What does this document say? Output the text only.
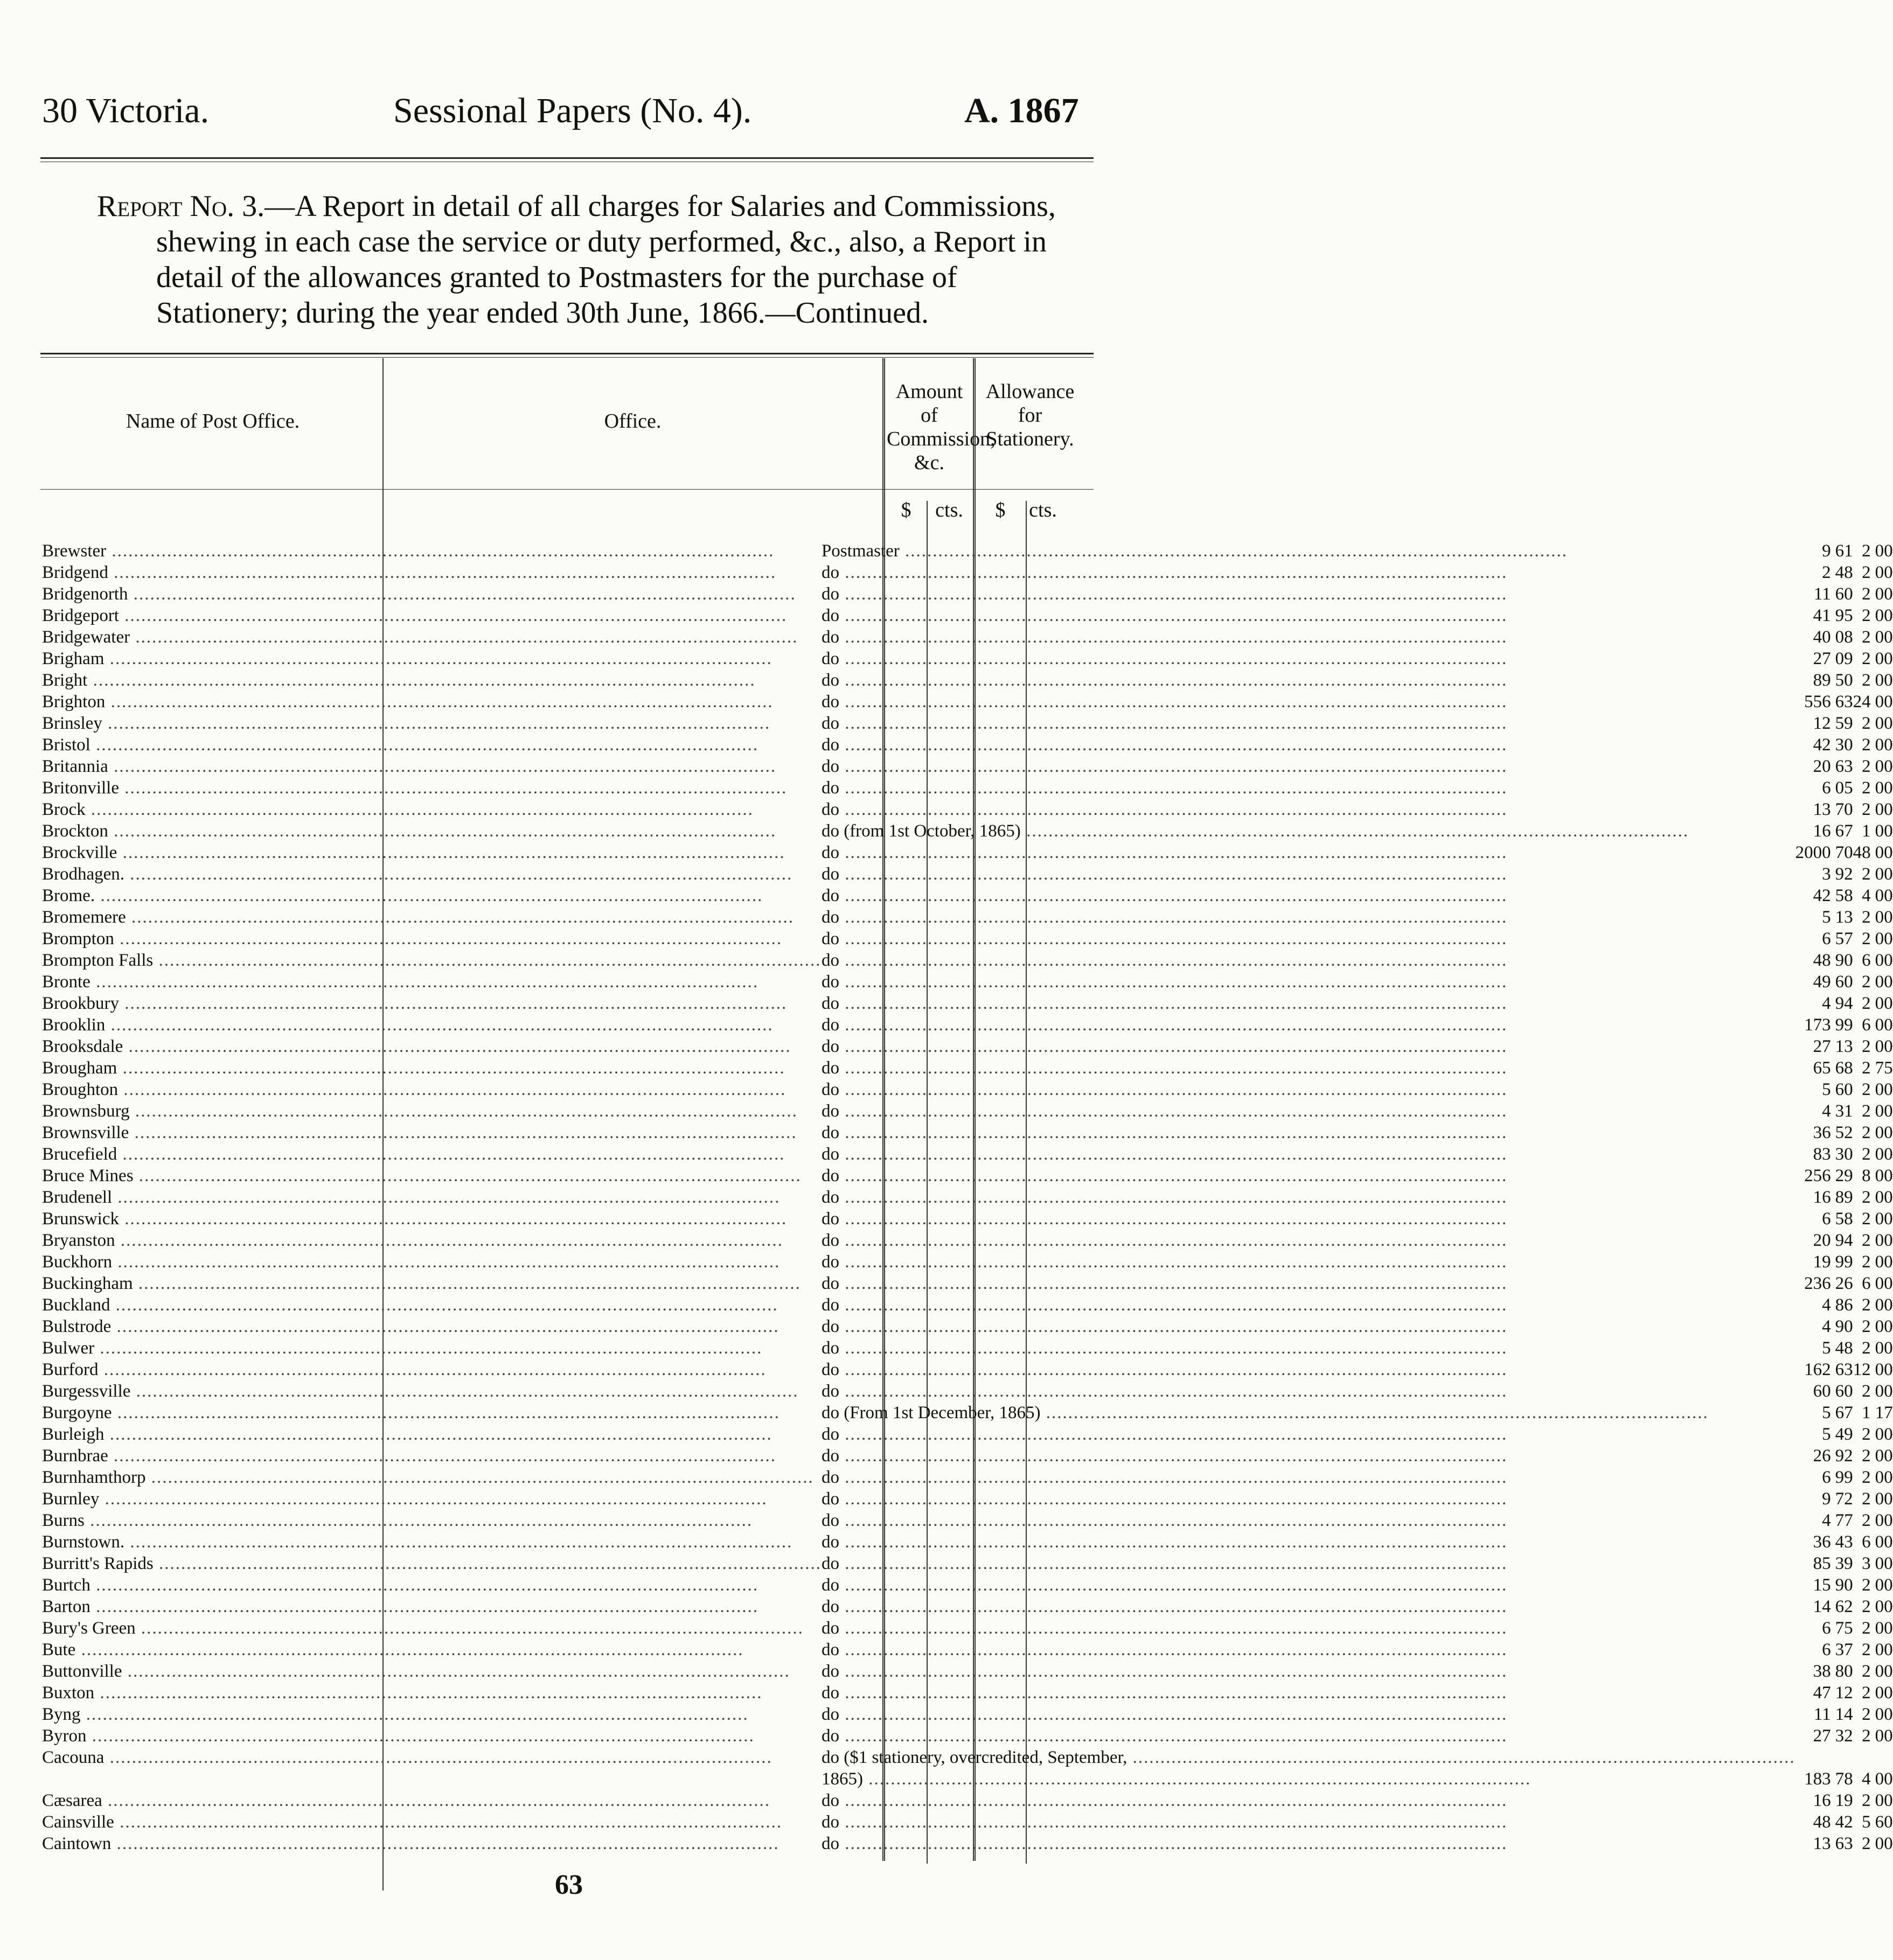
30 Victoria.	Sessional Papers (No. 4).	A. 1867
Report No. 3.—A Report in detail of all charges for Salaries and Commissions, shewing in each case the service or duty performed, &c., also, a Report in detail of the allowances granted to Postmasters for the purchase of Stationery; during the year ended 30th June, 1866.—Continued.
Name of Post Office.	Office.
Amount of Commission, &c.
Allowance for Stationery.
$	cts.	$	cts.
Brewster ........................................................................................................................	Postmaster ........................................................................................................................	9	61	2	00
Bridgend ........................................................................................................................	do ........................................................................................................................	2	48	2	00
Bridgenorth ........................................................................................................................	do ........................................................................................................................	11	60	2	00
Bridgeport ........................................................................................................................	do ........................................................................................................................	41	95	2	00
Bridgewater ........................................................................................................................	do ........................................................................................................................	40	08	2	00
Brigham ........................................................................................................................	do ........................................................................................................................	27	09	2	00
Bright ........................................................................................................................	do ........................................................................................................................	89	50	2	00
Brighton ........................................................................................................................	do ........................................................................................................................	556	63	24	00
Brinsley ........................................................................................................................	do ........................................................................................................................	12	59	2	00
Bristol ........................................................................................................................	do ........................................................................................................................	42	30	2	00
Britannia ........................................................................................................................	do ........................................................................................................................	20	63	2	00
Britonville ........................................................................................................................	do ........................................................................................................................	6	05	2	00
Brock ........................................................................................................................	do ........................................................................................................................	13	70	2	00
Brockton ........................................................................................................................	do (from 1st October, 1865) ........................................................................................................................	16	67	1	00
Brockville ........................................................................................................................	do ........................................................................................................................	2000	70	48	00
Brodhagen. ........................................................................................................................	do ........................................................................................................................	3	92	2	00
Brome. ........................................................................................................................	do ........................................................................................................................	42	58	4	00
Bromemere ........................................................................................................................	do ........................................................................................................................	5	13	2	00
Brompton ........................................................................................................................	do ........................................................................................................................	6	57	2	00
Brompton Falls ........................................................................................................................	do ........................................................................................................................	48	90	6	00
Bronte ........................................................................................................................	do ........................................................................................................................	49	60	2	00
Brookbury ........................................................................................................................	do ........................................................................................................................	4	94	2	00
Brooklin ........................................................................................................................	do ........................................................................................................................	173	99	6	00
Brooksdale ........................................................................................................................	do ........................................................................................................................	27	13	2	00
Brougham ........................................................................................................................	do ........................................................................................................................	65	68	2	75
Broughton ........................................................................................................................	do ........................................................................................................................	5	60	2	00
Brownsburg ........................................................................................................................	do ........................................................................................................................	4	31	2	00
Brownsville ........................................................................................................................	do ........................................................................................................................	36	52	2	00
Brucefield ........................................................................................................................	do ........................................................................................................................	83	30	2	00
Bruce Mines ........................................................................................................................	do ........................................................................................................................	256	29	8	00
Brudenell ........................................................................................................................	do ........................................................................................................................	16	89	2	00
Brunswick ........................................................................................................................	do ........................................................................................................................	6	58	2	00
Bryanston ........................................................................................................................	do ........................................................................................................................	20	94	2	00
Buckhorn ........................................................................................................................	do ........................................................................................................................	19	99	2	00
Buckingham ........................................................................................................................	do ........................................................................................................................	236	26	6	00
Buckland ........................................................................................................................	do ........................................................................................................................	4	86	2	00
Bulstrode ........................................................................................................................	do ........................................................................................................................	4	90	2	00
Bulwer ........................................................................................................................	do ........................................................................................................................	5	48	2	00
Burford ........................................................................................................................	do ........................................................................................................................	162	63	12	00
Burgessville ........................................................................................................................	do ........................................................................................................................	60	60	2	00
Burgoyne ........................................................................................................................	do (From 1st December, 1865) ........................................................................................................................	5	67	1	17
Burleigh ........................................................................................................................	do ........................................................................................................................	5	49	2	00
Burnbrae ........................................................................................................................	do ........................................................................................................................	26	92	2	00
Burnhamthorp ........................................................................................................................	do ........................................................................................................................	6	99	2	00
Burnley ........................................................................................................................	do ........................................................................................................................	9	72	2	00
Burns ........................................................................................................................	do ........................................................................................................................	4	77	2	00
Burnstown. ........................................................................................................................	do ........................................................................................................................	36	43	6	00
Burritt's Rapids ........................................................................................................................	do ........................................................................................................................	85	39	3	00
Burtch ........................................................................................................................	do ........................................................................................................................	15	90	2	00
Barton ........................................................................................................................	do ........................................................................................................................	14	62	2	00
Bury's Green ........................................................................................................................	do ........................................................................................................................	6	75	2	00
Bute ........................................................................................................................	do ........................................................................................................................	6	37	2	00
Buttonville ........................................................................................................................	do ........................................................................................................................	38	80	2	00
Buxton ........................................................................................................................	do ........................................................................................................................	47	12	2	00
Byng ........................................................................................................................	do ........................................................................................................................	11	14	2	00
Byron ........................................................................................................................	do ........................................................................................................................	27	32	2	00
Cacouna ........................................................................................................................	do ($1 stationery, overcredited, September, ........................................................................................................................				
	1865) ........................................................................................................................	183	78	4	00
Cæsarea ........................................................................................................................	do ........................................................................................................................	16	19	2	00
Cainsville ........................................................................................................................	do ........................................................................................................................	48	42	5	60
Caintown ........................................................................................................................	do ........................................................................................................................	13	63	2	00
63
